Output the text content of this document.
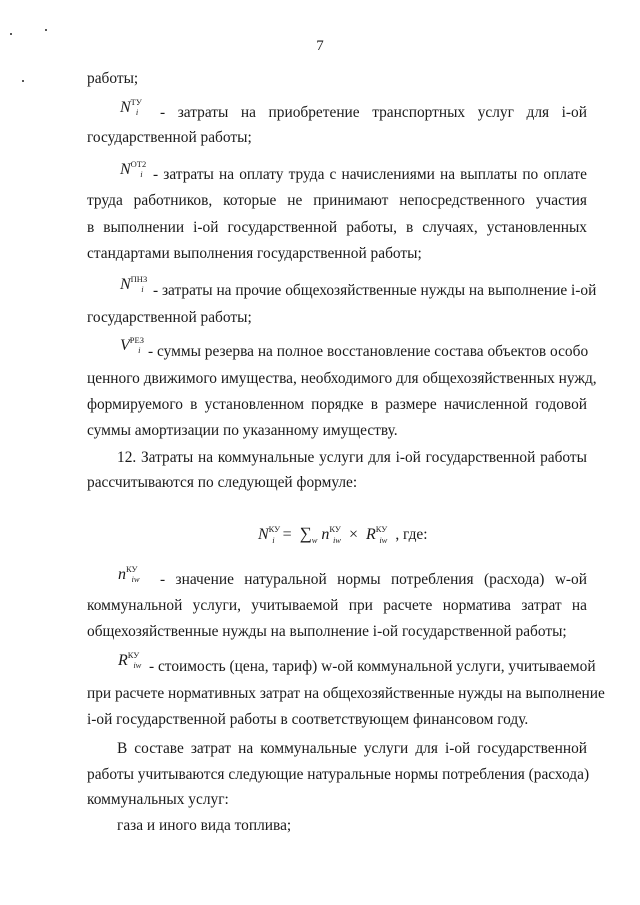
7
работы;
$N^{ТУ}_i$ - затраты на приобретение транспортных услуг для i-ой
государственной работы;
$N^{ОТ2}_i$ - затраты на оплату труда с начислениями на выплаты по оплате
труда работников, которые не принимают непосредственного участия
в выполнении i-ой государственной работы, в случаях, установленных
стандартами выполнения государственной работы;
$N^{ПНЗ}_i$ - затраты на прочие общехозяйственные нужды на выполнение i-ой
государственной работы;
$V^{РЕЗ}_i$ - суммы резерва на полное восстановление состава объектов особо
ценного движимого имущества, необходимого для общехозяйственных нужд,
формируемого в установленном порядке в размере начисленной годовой
суммы амортизации по указанному имуществу.
12. Затраты на коммунальные услуги для i-ой государственной работы
рассчитываются по следующей формуле:
$N^{КУ}_i = \sum_w$ $n^{КУ}_{iw} \times R^{КУ}_{iw}$ , где:
$n^{КУ}_{iw}$ - значение натуральной нормы потребления (расхода) w-ой
коммунальной услуги, учитываемой при расчете норматива затрат на
общехозяйственные нужды на выполнение i-ой государственной работы;
$R^{КУ}_{iw}$ - стоимость (цена, тариф) w-ой коммунальной услуги, учитываемой
при расчете нормативных затрат на общехозяйственные нужды на выполнение
i-ой государственной работы в соответствующем финансовом году.
В составе затрат на коммунальные услуги для i-ой государственной
работы учитываются следующие натуральные нормы потребления (расхода)
коммунальных услуг:
газа и иного вида топлива;
